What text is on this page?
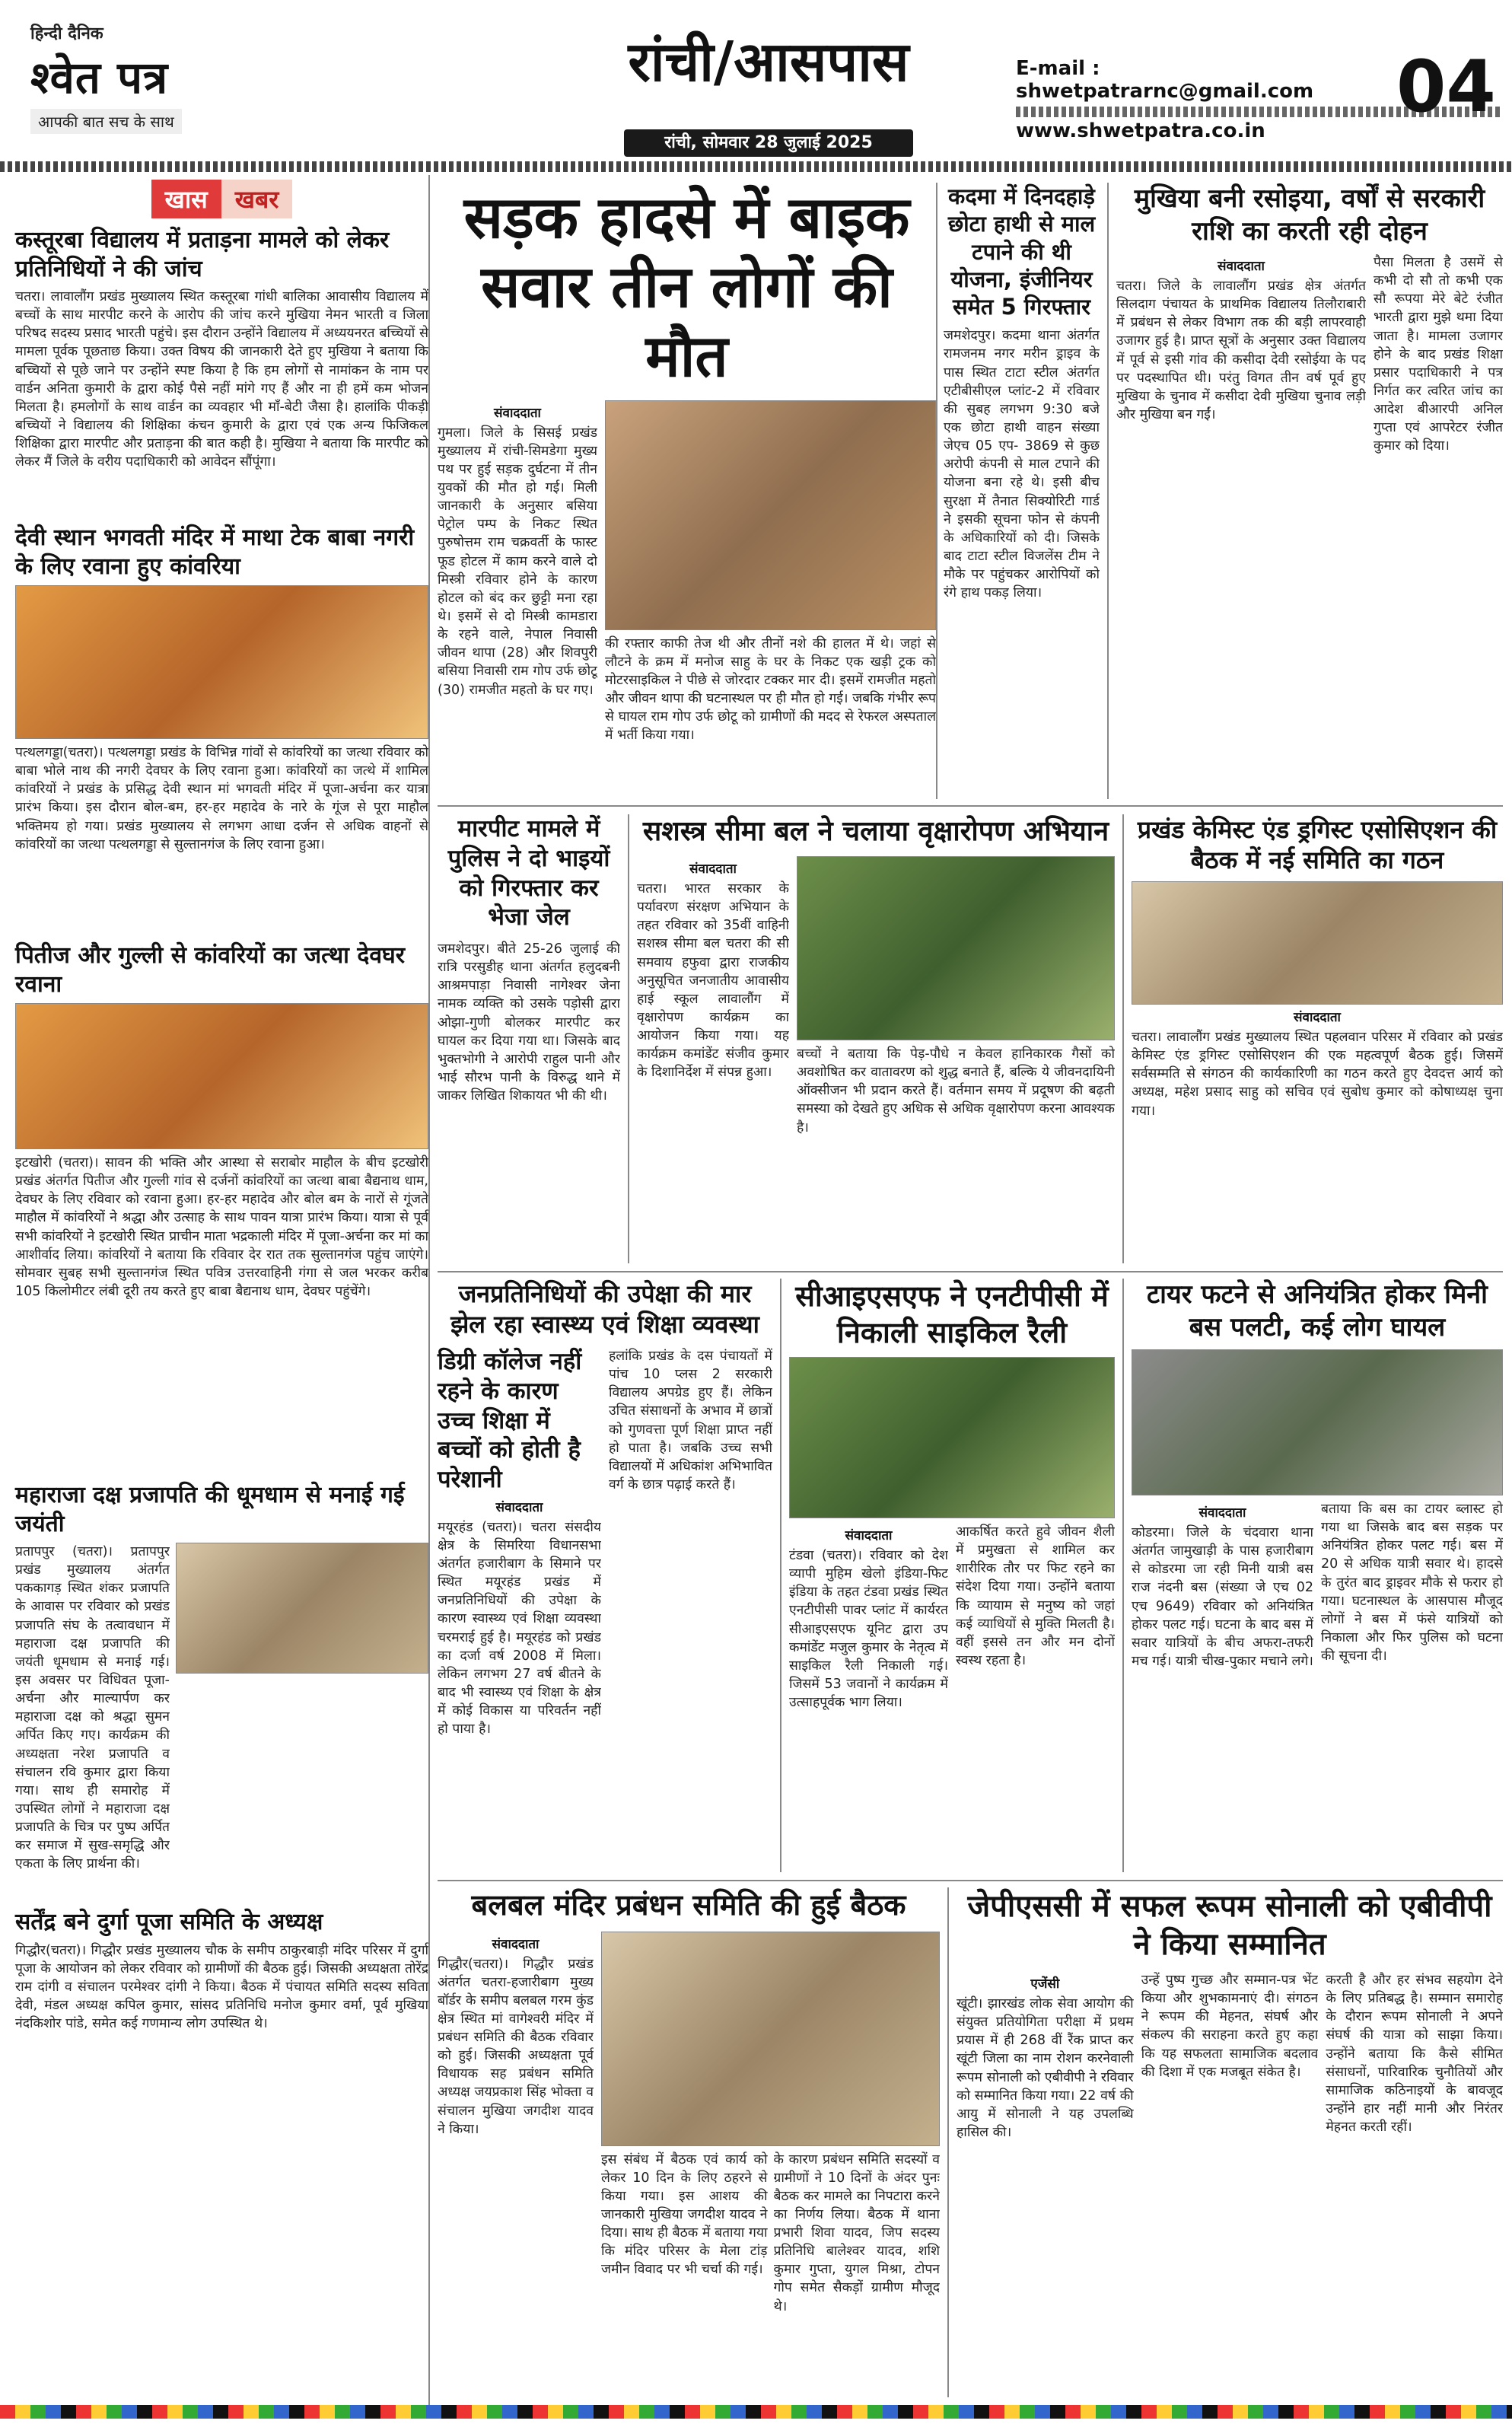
हिन्दी दैनिक
श्वेत पत्र
आपकी बात सच के साथ
रांची/आसपास
रांची, सोमवार 28 जुलाई 2025
E-mail : shwetpatrarnc@gmail.com
www.shwetpatra.co.in
04
खास	खबर
कस्तूरबा विद्यालय में प्रताड़ना मामले को लेकर प्रतिनिधियों ने की जांच
चतरा। लावालौंग प्रखंड मुख्यालय स्थित कस्तूरबा गांधी बालिका आवासीय विद्यालय में बच्चों के साथ मारपीट करने के आरोप की जांच करने मुखिया नेमन भारती व जिला परिषद सदस्य प्रसाद भारती पहुंचे। इस दौरान उन्होंने विद्यालय में अध्ययनरत बच्चियों से मामला पूर्वक पूछताछ किया। उक्त विषय की जानकारी देते हुए मुखिया ने बताया कि बच्चियों से पूछे जाने पर उन्होंने स्पष्ट किया है कि हम लोगों से नामांकन के नाम पर वार्डन अनिता कुमारी के द्वारा कोई पैसे नहीं मांगे गए हैं और ना ही हमें कम भोजन मिलता है। हमलोगों के साथ वार्डन का व्यवहार भी माँ-बेटी जैसा है। हालांकि पीकड़ी बच्चियों ने विद्यालय की शिक्षिका कंचन कुमारी के द्वारा एवं एक अन्य फिजिकल शिक्षिका द्वारा मारपीट और प्रताड़ना की बात कही है। मुखिया ने बताया कि मारपीट को लेकर मैं जिले के वरीय पदाधिकारी को आवेदन सौंपूंगा।
देवी स्थान भगवती मंदिर में माथा टेक बाबा नगरी के लिए रवाना हुए कांवरिया
पत्थलगड्डा(चतरा)। पत्थलगड्डा प्रखंड के विभिन्न गांवों से कांवरियों का जत्था रविवार को बाबा भोले नाथ की नगरी देवघर के लिए रवाना हुआ। कांवरियों का जत्थे में शामिल कांवरियों ने प्रखंड के प्रसिद्ध देवी स्थान मां भगवती मंदिर में पूजा-अर्चना कर यात्रा प्रारंभ किया। इस दौरान बोल-बम, हर-हर महादेव के नारे के गूंज से पूरा माहौल भक्तिमय हो गया। प्रखंड मुख्यालय से लगभग आधा दर्जन से अधिक वाहनों से कांवरियों का जत्था पत्थलगड्डा से सुल्तानगंज के लिए रवाना हुआ।
पितीज और गुल्ली से कांवरियों का जत्था देवघर रवाना
इटखोरी (चतरा)। सावन की भक्ति और आस्था से सराबोर माहौल के बीच इटखोरी प्रखंड अंतर्गत पितीज और गुल्ली गांव से दर्जनों कांवरियों का जत्था बाबा बैद्यनाथ धाम, देवघर के लिए रविवार को रवाना हुआ। हर-हर महादेव और बोल बम के नारों से गूंजते माहौल में कांवरियों ने श्रद्धा और उत्साह के साथ पावन यात्रा प्रारंभ किया। यात्रा से पूर्व सभी कांवरियों ने इटखोरी स्थित प्राचीन माता भद्रकाली मंदिर में पूजा-अर्चना कर मां का आशीर्वाद लिया। कांवरियों ने बताया कि रविवार देर रात तक सुल्तानगंज पहुंच जाएंगे। सोमवार सुबह सभी सुल्तानगंज स्थित पवित्र उत्तरवाहिनी गंगा से जल भरकर करीब 105 किलोमीटर लंबी दूरी तय करते हुए बाबा बैद्यनाथ धाम, देवघर पहुंचेंगे।
महाराजा दक्ष प्रजापति की धूमधाम से मनाई गई जयंती
प्रतापपुर (चतरा)। प्रतापपुर प्रखंड मुख्यालय अंतर्गत पककागड़ स्थित शंकर प्रजापति के आवास पर रविवार को प्रखंड प्रजापति संघ के तत्वावधान में महाराजा दक्ष प्रजापति की जयंती धूमधाम से मनाई गई। इस अवसर पर विधिवत पूजा-अर्चना और माल्यार्पण कर महाराजा दक्ष को श्रद्धा सुमन अर्पित किए गए। कार्यक्रम की अध्यक्षता नरेश प्रजापति व संचालन रवि कुमार द्वारा किया गया। साथ ही समारोह में उपस्थित लोगों ने महाराजा दक्ष प्रजापति के चित्र पर पुष्प अर्पित कर समाज में सुख-समृद्धि और एकता के लिए प्रार्थना की।
सर्तेंद्र बने दुर्गा पूजा समिति के अध्यक्ष
गिद्धौर(चतरा)। गिद्धौर प्रखंड मुख्यालय चौक के समीप ठाकुरबाड़ी मंदिर परिसर में दुर्गा पूजा के आयोजन को लेकर रविवार को ग्रामीणों की बैठक हुई। जिसकी अध्यक्षता तोरेंद्र राम दांगी व संचालन परमेश्वर दांगी ने किया। बैठक में पंचायत समिति सदस्य सविता देवी, मंडल अध्यक्ष कपिल कुमार, सांसद प्रतिनिधि मनोज कुमार वर्मा, पूर्व मुखिया नंदकिशोर पांडे, समेत कई गणमान्य लोग उपस्थित थे।
सड़क हादसे में बाइक सवार तीन लोगों की मौत
संवाददाता
गुमला। जिले के सिसई प्रखंड मुख्यालय में रांची-सिमडेगा मुख्य पथ पर हुई सड़क दुर्घटना में तीन युवकों की मौत हो गई। मिली जानकारी के अनुसार बसिया पेट्रोल पम्प के निकट स्थित पुरुषोत्तम राम चक्रवर्ती के फास्ट फूड होटल में काम करने वाले दो मिस्त्री रविवार होने के कारण होटल को बंद कर छुट्टी मना रहा थे। इसमें से दो मिस्त्री कामडारा के रहने वाले, नेपाल निवासी जीवन थापा (28) और शिवपुरी बसिया निवासी राम गोप उर्फ छोटू (30) रामजीत महतो के घर गए।
की रफ्तार काफी तेज थी और तीनों नशे की हालत में थे। जहां से लौटने के क्रम में मनोज साहु के घर के निकट एक खड़ी ट्रक को मोटरसाइकिल ने पीछे से जोरदार टक्कर मार दी। इसमें रामजीत महतो और जीवन थापा की घटनास्थल पर ही मौत हो गई। जबकि गंभीर रूप से घायल राम गोप उर्फ छोटू को ग्रामीणों की मदद से रेफरल अस्पताल में भर्ती किया गया।
कदमा में दिनदहाड़े छोटा हाथी से माल टपाने की थी योजना, इंजीनियर समेत 5 गिरफ्तार
जमशेदपुर। कदमा थाना अंतर्गत रामजनम नगर मरीन ड्राइव के पास स्थित टाटा स्टील अंतर्गत एटीबीसीएल प्लांट-2 में रविवार की सुबह लगभग 9:30 बजे एक छोटा हाथी वाहन संख्या जेएच 05 एप- 3869 से कुछ अरोपी कंपनी से माल टपाने की योजना बना रहे थे। इसी बीच सुरक्षा में तैनात सिक्योरिटी गार्ड ने इसकी सूचना फोन से कंपनी के अधिकारियों को दी। जिसके बाद टाटा स्टील विजलेंस टीम ने मौके पर पहुंचकर आरोपियों को रंगे हाथ पकड़ लिया।
मुखिया बनी रसोइया, वर्षों से सरकारी राशि का करती रही दोहन
संवाददाता
चतरा। जिले के लावालौंग प्रखंड क्षेत्र अंतर्गत सिलदाग पंचायत के प्राथमिक विद्यालय तिलौराबारी में प्रबंधन से लेकर विभाग तक की बड़ी लापरवाही उजागर हुई है। प्राप्त सूत्रों के अनुसार उक्त विद्यालय में पूर्व से इसी गांव की कसीदा देवी रसोईया के पद पर पदस्थापित थी। परंतु विगत तीन वर्ष पूर्व हुए मुखिया के चुनाव में कसीदा देवी मुखिया चुनाव लड़ी और मुखिया बन गईं।
पैसा मिलता है उसमें से कभी दो सौ तो कभी एक सौ रूपया मेरे बेटे रंजीत भारती द्वारा मुझे थमा दिया जाता है। मामला उजागर होने के बाद प्रखंड शिक्षा प्रसार पदाधिकारी ने पत्र निर्गत कर त्वरित जांच का आदेश बीआरपी अनिल गुप्ता एवं आपरेटर रंजीत कुमार को दिया।
मारपीट मामले में पुलिस ने दो भाइयों को गिरफ्तार कर भेजा जेल
जमशेदपुर। बीते 25-26 जुलाई की रात्रि परसुडीह थाना अंतर्गत हलुदबनी आश्रमपाड़ा निवासी नागेश्वर जेना नामक व्यक्ति को उसके पड़ोसी द्वारा ओझा-गुणी बोलकर मारपीट कर घायल कर दिया गया था। जिसके बाद भुक्तभोगी ने आरोपी राहुल पानी और भाई सौरभ पानी के विरुद्ध थाने में जाकर लिखित शिकायत भी की थी।
सशस्त्र सीमा बल ने चलाया वृक्षारोपण अभियान
संवाददाता
चतरा। भारत सरकार के पर्यावरण संरक्षण अभियान के तहत रविवार को 35वीं वाहिनी सशस्त्र सीमा बल चतरा की सी समवाय हफुवा द्वारा राजकीय अनुसूचित जनजातीय आवासीय हाई स्कूल लावालौंग में वृक्षारोपण कार्यक्रम का आयोजन किया गया। यह कार्यक्रम कमांडेंट संजीव कुमार के दिशानिर्देश में संपन्न हुआ।
बच्चों ने बताया कि पेड़-पौधे न केवल हानिकारक गैसों को अवशोषित कर वातावरण को शुद्ध बनाते हैं, बल्कि ये जीवनदायिनी ऑक्सीजन भी प्रदान करते हैं। वर्तमान समय में प्रदूषण की बढ़ती समस्या को देखते हुए अधिक से अधिक वृक्षारोपण करना आवश्यक है।
प्रखंड केमिस्ट एंड ड्रगिस्ट एसोसिएशन की बैठक में नई समिति का गठन
संवाददाता
चतरा। लावालौंग प्रखंड मुख्यालय स्थित पहलवान परिसर में रविवार को प्रखंड केमिस्ट एंड ड्रगिस्ट एसोसिएशन की एक महत्वपूर्ण बैठक हुई। जिसमें सर्वसम्मति से संगठन की कार्यकारिणी का गठन करते हुए देवदत्त आर्य को अध्यक्ष, महेश प्रसाद साहु को सचिव एवं सुबोध कुमार को कोषाध्यक्ष चुना गया।
जनप्रतिनिधियों की उपेक्षा की मार झेल रहा स्वास्थ्य एवं शिक्षा व्यवस्था
डिग्री कॉलेज नहीं रहने के कारण उच्च शिक्षा में बच्चों को होती है परेशानी
संवाददाता
मयूरहंड (चतरा)। चतरा संसदीय क्षेत्र के सिमरिया विधानसभा अंतर्गत हजारीबाग के सिमाने पर स्थित मयूरहंड प्रखंड में जनप्रतिनिधियों की उपेक्षा के कारण स्वास्थ्य एवं शिक्षा व्यवस्था चरमराई हुई है। मयूरहंड को प्रखंड का दर्जा वर्ष 2008 में मिला। लेकिन लगभग 27 वर्ष बीतने के बाद भी स्वास्थ्य एवं शिक्षा के क्षेत्र में कोई विकास या परिवर्तन नहीं हो पाया है।
हलांकि प्रखंड के दस पंचायतों में पांच 10 प्लस 2 सरकारी विद्यालय अपग्रेड हुए हैं। लेकिन उचित संसाधनों के अभाव में छात्रों को गुणवत्ता पूर्ण शिक्षा प्राप्त नहीं हो पाता है। जबकि उच्च सभी विद्यालयों में अधिकांश अभिभावित वर्ग के छात्र पढ़ाई करते हैं।
सीआइएसएफ ने एनटीपीसी में निकाली साइकिल रैली
संवाददाता
टंडवा (चतरा)। रविवार को देश व्यापी मुहिम खेलो इंडिया-फिट इंडिया के तहत टंडवा प्रखंड स्थित एनटीपीसी पावर प्लांट में कार्यरत सीआइएसएफ यूनिट द्वारा उप कमांडेंट मजुल कुमार के नेतृत्व में साइकिल रैली निकाली गई। जिसमें 53 जवानों ने कार्यक्रम में उत्साहपूर्वक भाग लिया।
आकर्षित करते हुवे जीवन शैली में प्रमुखता से शामिल कर शारीरिक तौर पर फिट रहने का संदेश दिया गया। उन्होंने बताया कि व्यायाम से मनुष्य को जहां कई व्याधियों से मुक्ति मिलती है। वहीं इससे तन और मन दोनों स्वस्थ रहता है।
टायर फटने से अनियंत्रित होकर मिनी बस पलटी, कई लोग घायल
संवाददाता
कोडरमा। जिले के चंदवारा थाना अंतर्गत जामुखाड़ी के पास हजारीबाग से कोडरमा जा रही मिनी यात्री बस राज नंदनी बस (संख्या जे एच 02 एच 9649) रविवार को अनियंत्रित होकर पलट गई। घटना के बाद बस में सवार यात्रियों के बीच अफरा-तफरी मच गई। यात्री चीख-पुकार मचाने लगे।
बताया कि बस का टायर ब्लास्ट हो गया था जिसके बाद बस सड़क पर अनियंत्रित होकर पलट गई। बस में 20 से अधिक यात्री सवार थे। हादसे के तुरंत बाद ड्राइवर मौके से फरार हो गया। घटनास्थल के आसपास मौजूद लोगों ने बस में फंसे यात्रियों को निकाला और फिर पुलिस को घटना की सूचना दी।
बलबल मंदिर प्रबंधन समिति की हुई बैठक
संवाददाता
गिद्धौर(चतरा)। गिद्धौर प्रखंड अंतर्गत चतरा-हजारीबाग मुख्य बॉर्डर के समीप बलबल गरम कुंड क्षेत्र स्थित मां वागेश्वरी मंदिर में प्रबंधन समिति की बैठक रविवार को हुई। जिसकी अध्यक्षता पूर्व विधायक सह प्रबंधन समिति अध्यक्ष जयप्रकाश सिंह भोक्ता व संचालन मुखिया जगदीश यादव ने किया।
इस संबंध में बैठक एवं कार्य को लेकर 10 दिन के लिए ठहरने से किया गया। इस आशय की जानकारी मुखिया जगदीश यादव ने दिया। साथ ही बैठक में बताया गया कि मंदिर परिसर के मेला टांड़ जमीन विवाद पर भी चर्चा की गई।
के कारण प्रबंधन समिति सदस्यों व ग्रामीणों ने 10 दिनों के अंदर पुनः बैठक कर मामले का निपटारा करने का निर्णय लिया। बैठक में थाना प्रभारी शिवा यादव, जिप सदस्य प्रतिनिधि बालेश्वर यादव, शशि कुमार गुप्ता, युगल मिश्रा, टोपन गोप समेत सैकड़ों ग्रामीण मौजूद थे।
जेपीएससी में सफल रूपम सोनाली को एबीवीपी ने किया सम्मानित
एजेंसी
खूंटी। झारखंड लोक सेवा आयोग की संयुक्त प्रतियोगिता परीक्षा में प्रथम प्रयास में ही 268 वीं रैंक प्राप्त कर खूंटी जिला का नाम रोशन करनेवाली रूपम सोनाली को एबीवीपी ने रविवार को सम्मानित किया गया। 22 वर्ष की आयु में सोनाली ने यह उपलब्धि हासिल की।
उन्हें पुष्प गुच्छ और सम्मान-पत्र भेंट किया और शुभकामनाएं दी। संगठन ने रूपम की मेहनत, संघर्ष और संकल्प की सराहना करते हुए कहा कि यह सफलता सामाजिक बदलाव की दिशा में एक मजबूत संकेत है।
करती है और हर संभव सहयोग देने के लिए प्रतिबद्ध है। सम्मान समारोह के दौरान रूपम सोनाली ने अपने संघर्ष की यात्रा को साझा किया। उन्होंने बताया कि कैसे सीमित संसाधनों, पारिवारिक चुनौतियों और सामाजिक कठिनाइयों के बावजूद उन्होंने हार नहीं मानी और निरंतर मेहनत करती रहीं।
